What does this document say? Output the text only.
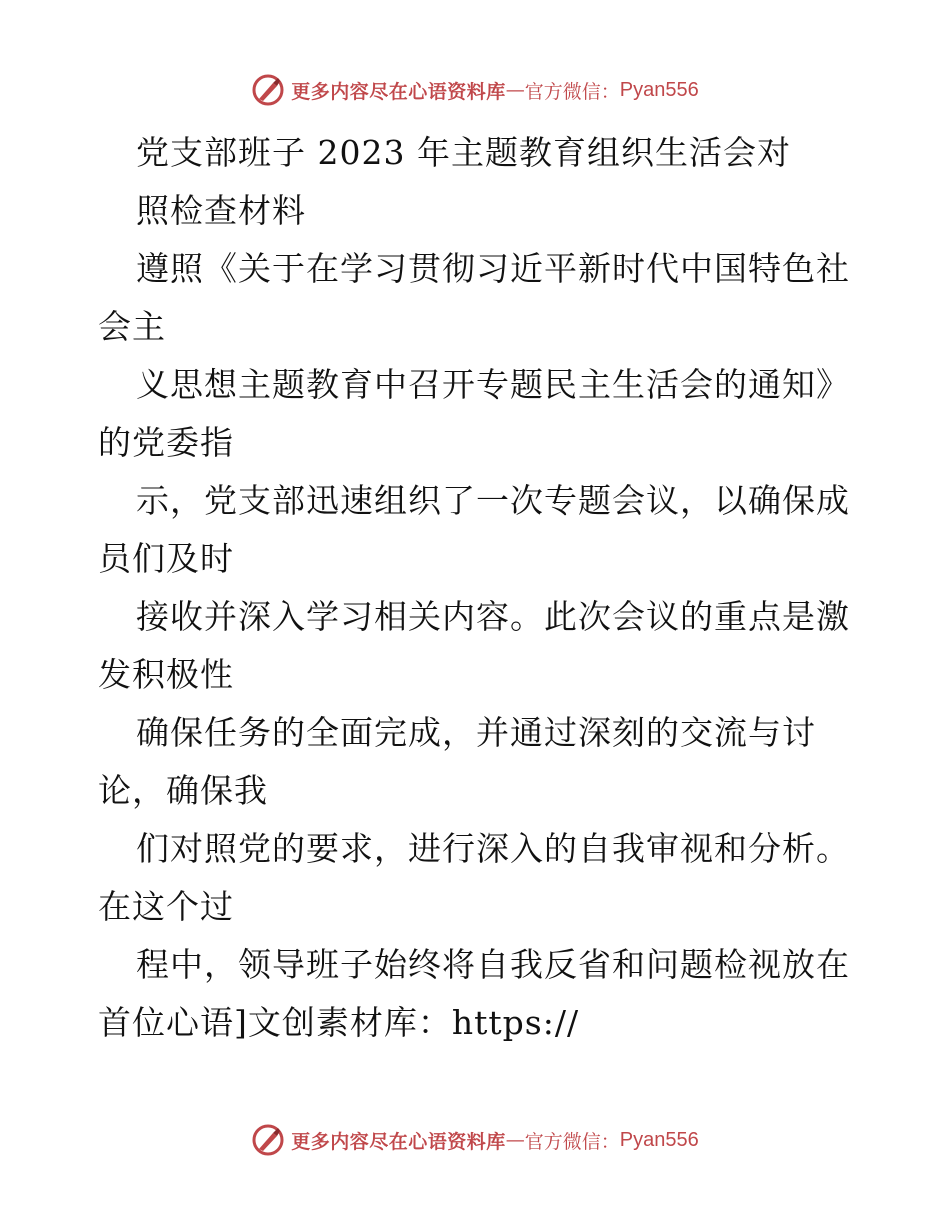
更多内容尽在心语资料库 — 官方微信： Pyan556
党支部班子 2023 年主题教育组织生活会对
照检查材料
遵照《关于在学习贯彻习近平新时代中国特色社
会主
义思想主题教育中召开专题民主生活会的通知》
的党委指
示，党支部迅速组织了一次专题会议，以确保成
员们及时
接收并深入学习相关内容。此次会议的重点是激
发积极性
确保任务的全面完成，并通过深刻的交流与讨
论，确保我
们对照党的要求，进行深入的自我审视和分析。
在这个过
程中，领导班子始终将自我反省和问题检视放在
首位心语]文创素材库：https://
更多内容尽在心语资料库 — 官方微信： Pyan556
